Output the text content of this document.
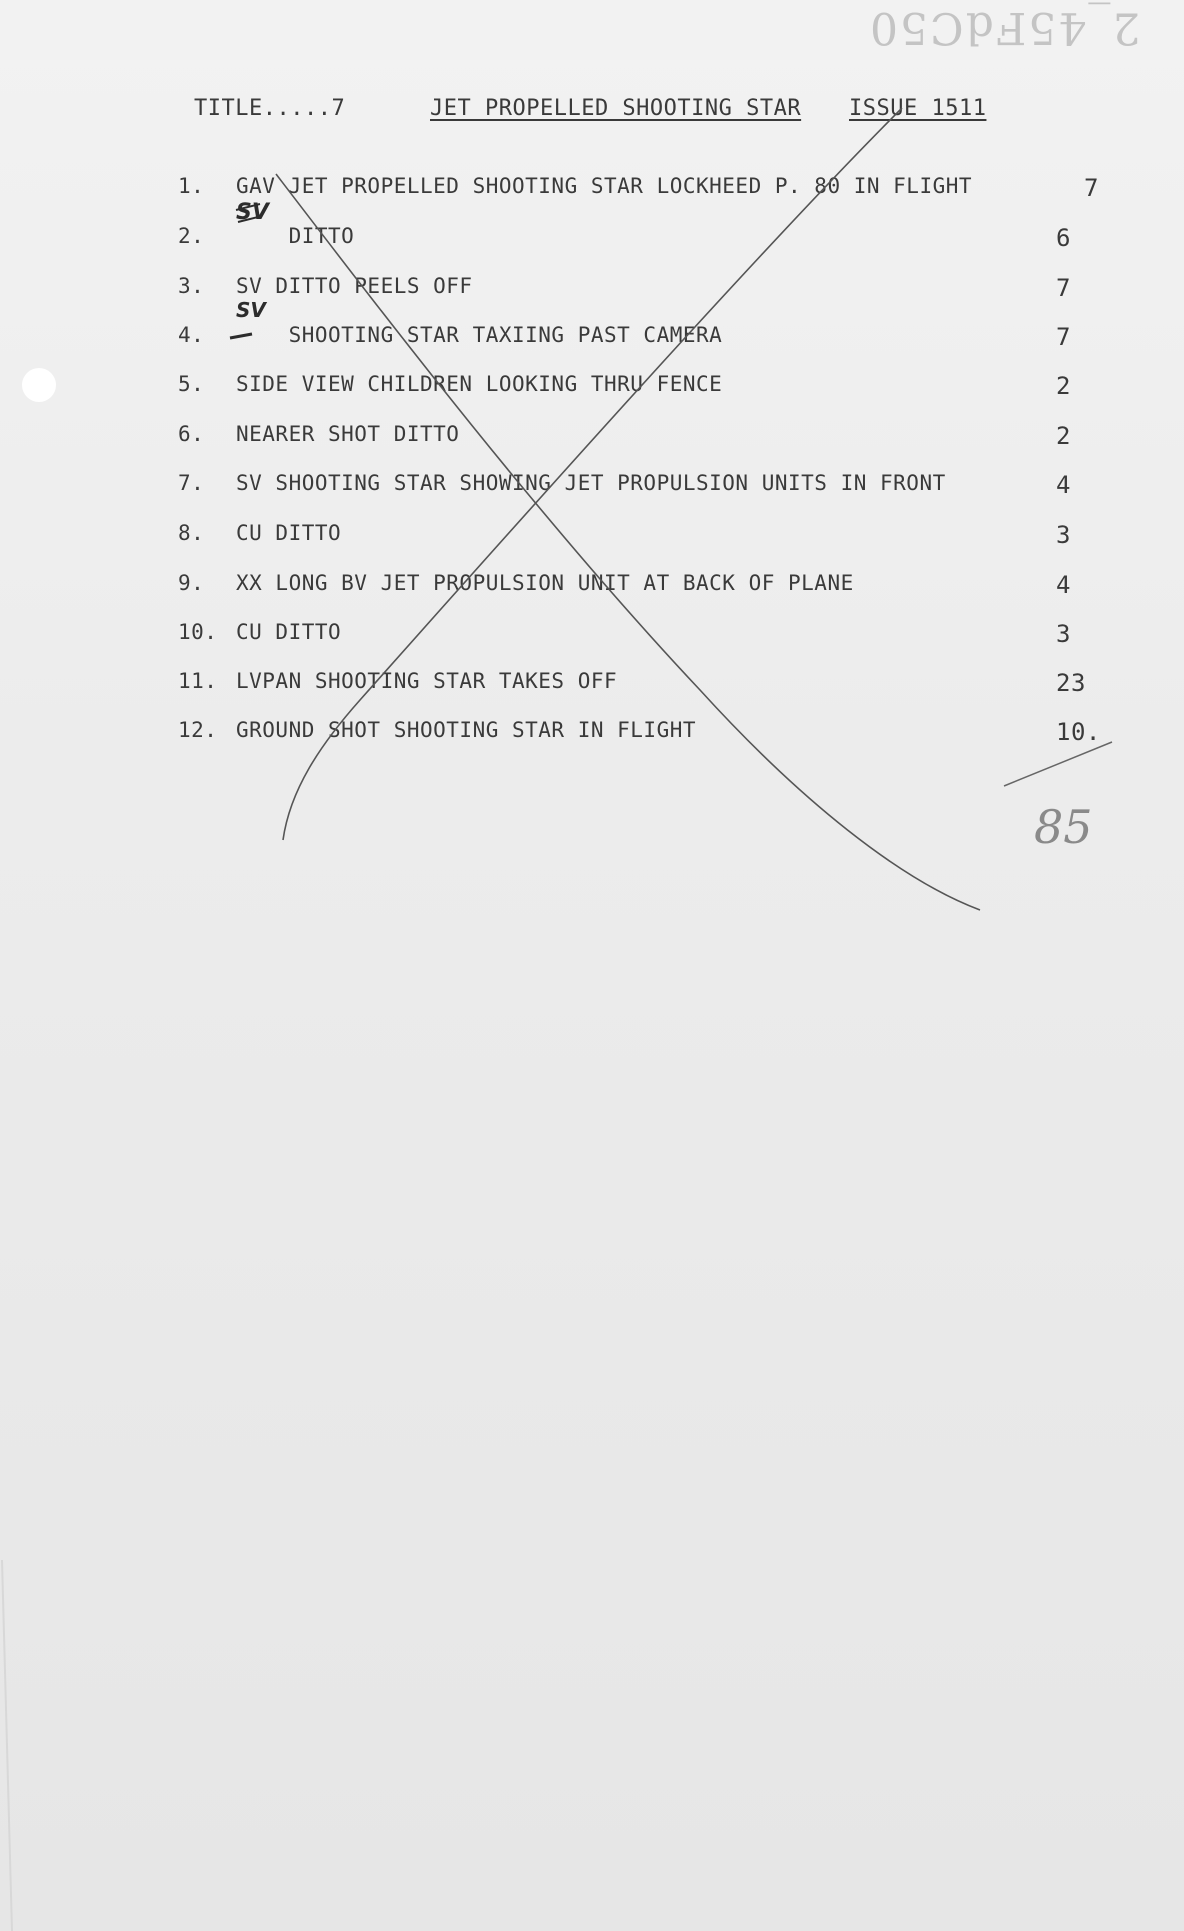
2_45FdC50
TITLE.....7	JET PROPELLED SHOOTING STAR ISSUE 1511
1.	GAV JET PROPELLED SHOOTING STAR LOCKHEED P. 80 IN FLIGHT	7
2.	DITTO	6
3.	SV DITTO PEELS OFF	7
4.	SHOOTING STAR TAXIING PAST CAMERA	7
5.	SIDE VIEW CHILDREN LOOKING THRU FENCE	2
6.	NEARER SHOT DITTO	2
7.	SV SHOOTING STAR SHOWING JET PROPULSION UNITS IN FRONT	4
8.	CU DITTO	3
9.	XX LONG BV JET PROPULSION UNIT AT BACK OF PLANE	4
10. CU DITTO	3
11. LVPAN SHOOTING STAR TAKES OFF	23
12. GROUND SHOT SHOOTING STAR IN FLIGHT	10.
SV
SV
85
